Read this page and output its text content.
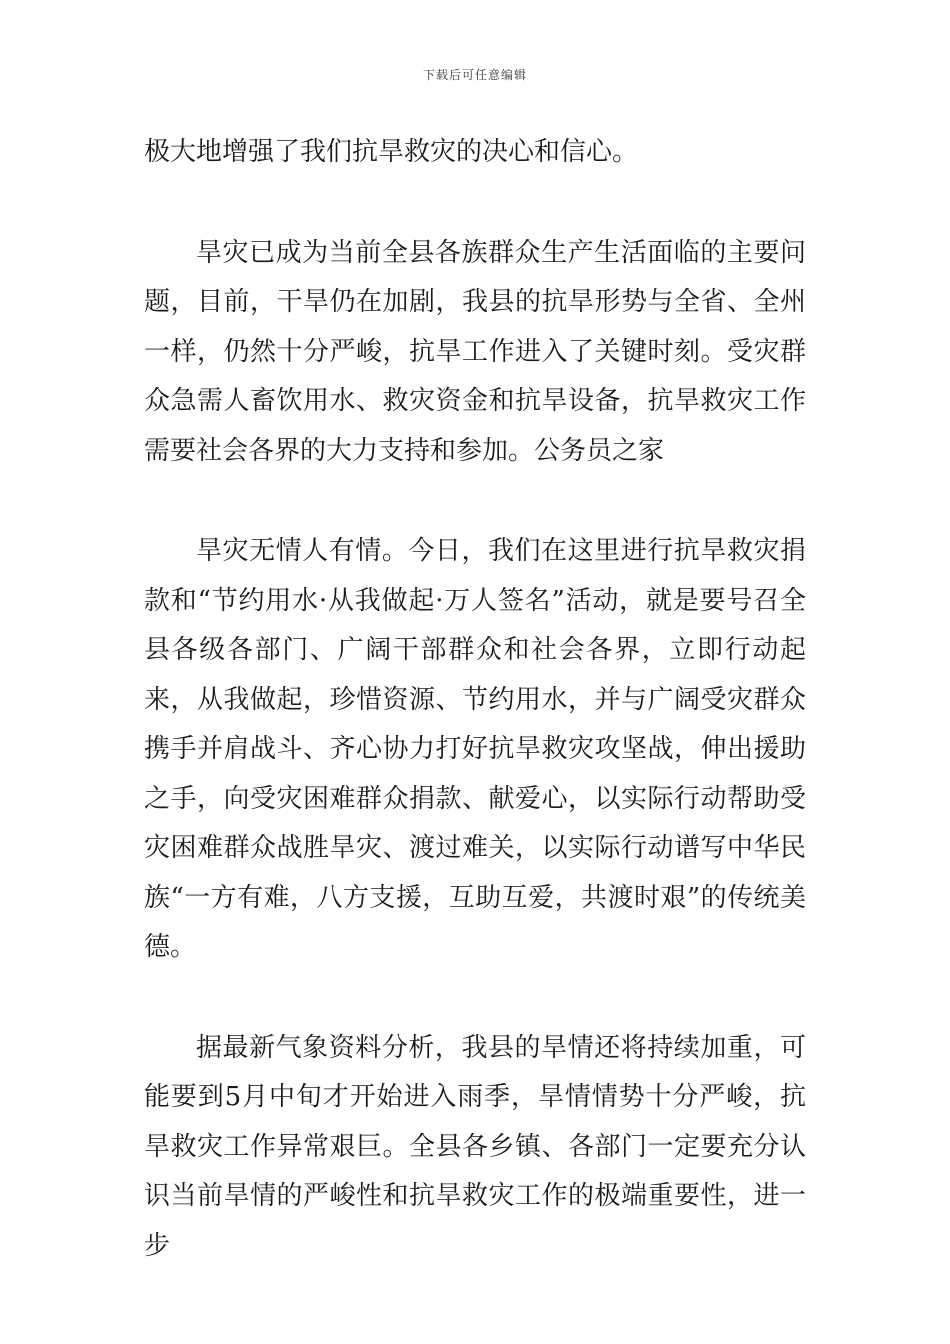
下载后可任意编辑

极大地增强了我们抗旱救灾的决心和信心。

旱灾已成为当前全县各族群众生产生活面临的主要问题，目前，干旱仍在加剧，我县的抗旱形势与全省、全州一样，仍然十分严峻，抗旱工作进入了关键时刻。受灾群众急需人畜饮用水、救灾资金和抗旱设备，抗旱救灾工作需要社会各界的大力支持和参加。公务员之家

旱灾无情人有情。今日，我们在这里进行抗旱救灾捐款和“节约用水·从我做起·万人签名”活动，就是要号召全县各级各部门、广阔干部群众和社会各界，立即行动起来，从我做起，珍惜资源、节约用水，并与广阔受灾群众携手并肩战斗、齐心协力打好抗旱救灾攻坚战，伸出援助之手，向受灾困难群众捐款、献爱心，以实际行动帮助受灾困难群众战胜旱灾、渡过难关，以实际行动谱写中华民族“一方有难，八方支援，互助互爱，共渡时艰”的传统美德。

据最新气象资料分析，我县的旱情还将持续加重，可能要到5月中旬才开始进入雨季，旱情情势十分严峻，抗旱救灾工作异常艰巨。全县各乡镇、各部门一定要充分认识当前旱情的严峻性和抗旱救灾工作的极端重要性，进一步
